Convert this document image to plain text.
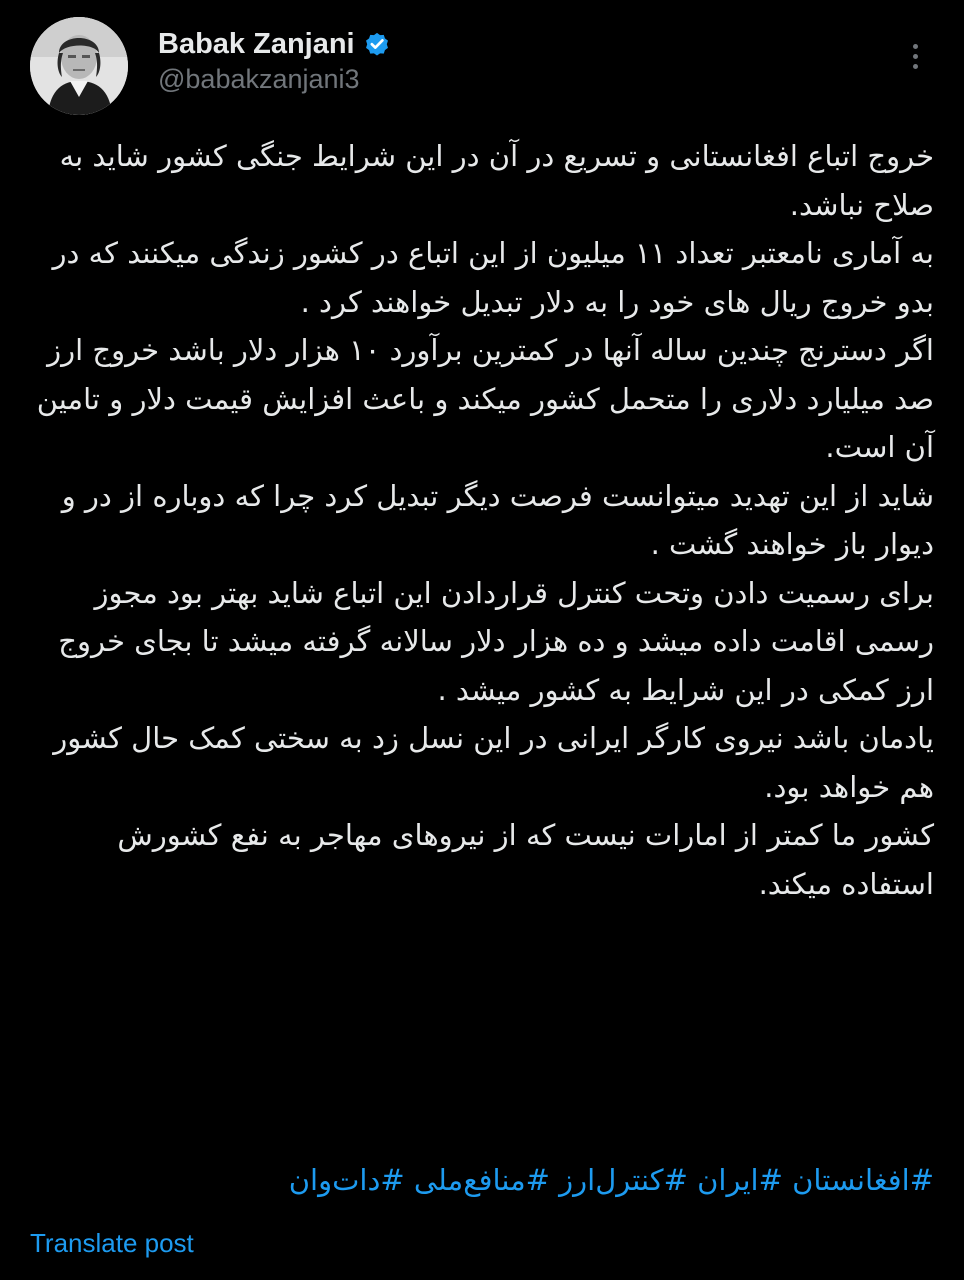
Babak Zanjani
@babakzanjani3

خروج اتباع افغانستانی و تسریع در آن در این شرایط جنگی کشور شاید به صلاح نباشد.

به آماری نامعتبر تعداد ۱۱ میلیون از این اتباع در کشور زندگی میکنند که در بدو خروج ریال های خود را به دلار تبدیل خواهند کرد .

اگر دسترنج چندین ساله آنها در کمترین برآورد ۱۰ هزار دلار باشد خروج ارز صد میلیارد دلاری را متحمل کشور میکند و باعث افزایش قیمت دلار و تامین آن است.

شاید از این تهدید میتوانست فرصت دیگر تبدیل کرد چرا که دوباره از در و دیوار باز خواهند گشت .

برای رسمیت دادن وتحت کنترل قراردادن این اتباع شاید بهتر بود مجوز رسمی اقامت داده میشد و ده هزار دلار سالانه گرفته میشد تا بجای خروج ارز کمکی در این شرایط به کشور میشد .

یادمان باشد نیروی کارگر ایرانی در این نسل زد به سختی کمک حال کشور هم خواهد بود.

کشور ما کمتر از امارات نیست که از نیروهای مهاجر به نفع کشورش استفاده میکند.

#افغانستان #ایران #کنترل‌ارز #منافع‌ملی #دات‌وان
Translate post
